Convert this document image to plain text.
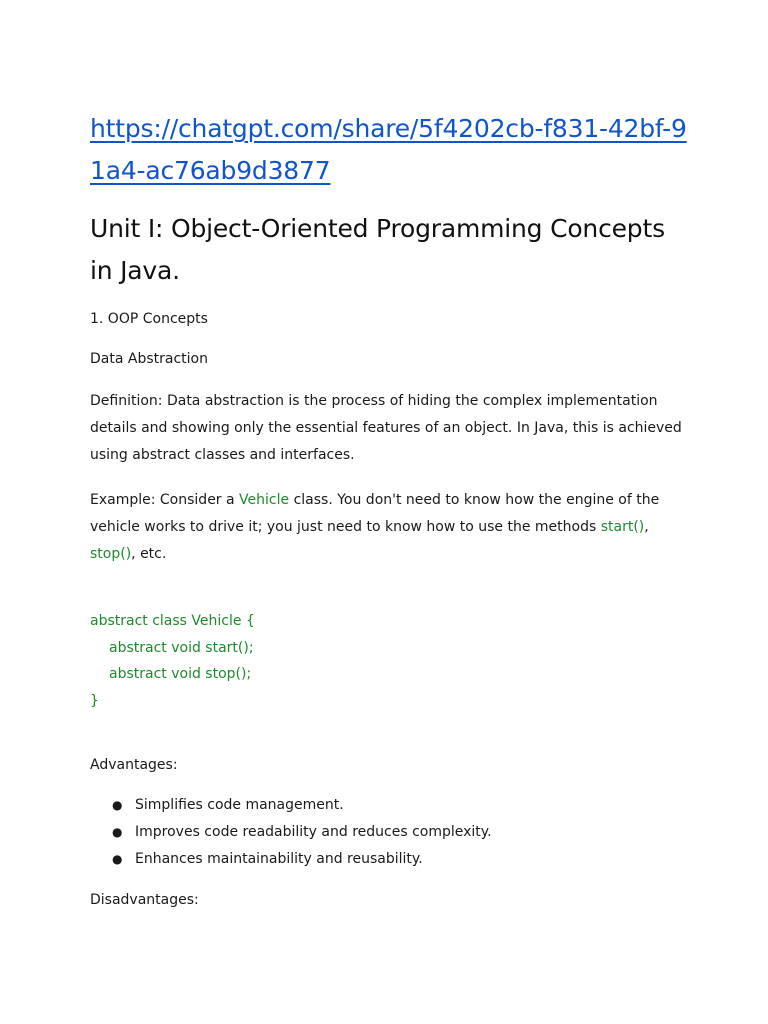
https://chatgpt.com/share/5f4202cb-f831-42bf-91a4-ac76ab9d3877
Unit I: Object-Oriented Programming Concepts in Java.
1. OOP Concepts
Data Abstraction

Definition: Data abstraction is the process of hiding the complex implementation details and showing only the essential features of an object. In Java, this is achieved using abstract classes and interfaces.

Example: Consider a Vehicle class. You don't need to know how the engine of the vehicle works to drive it; you just need to know how to use the methods start(), stop(), etc.

abstract class Vehicle {
abstract void start();
abstract void stop();
}
Advantages:
● Simplifies code management.
● Improves code readability and reduces complexity.
● Enhances maintainability and reusability.
Disadvantages:
